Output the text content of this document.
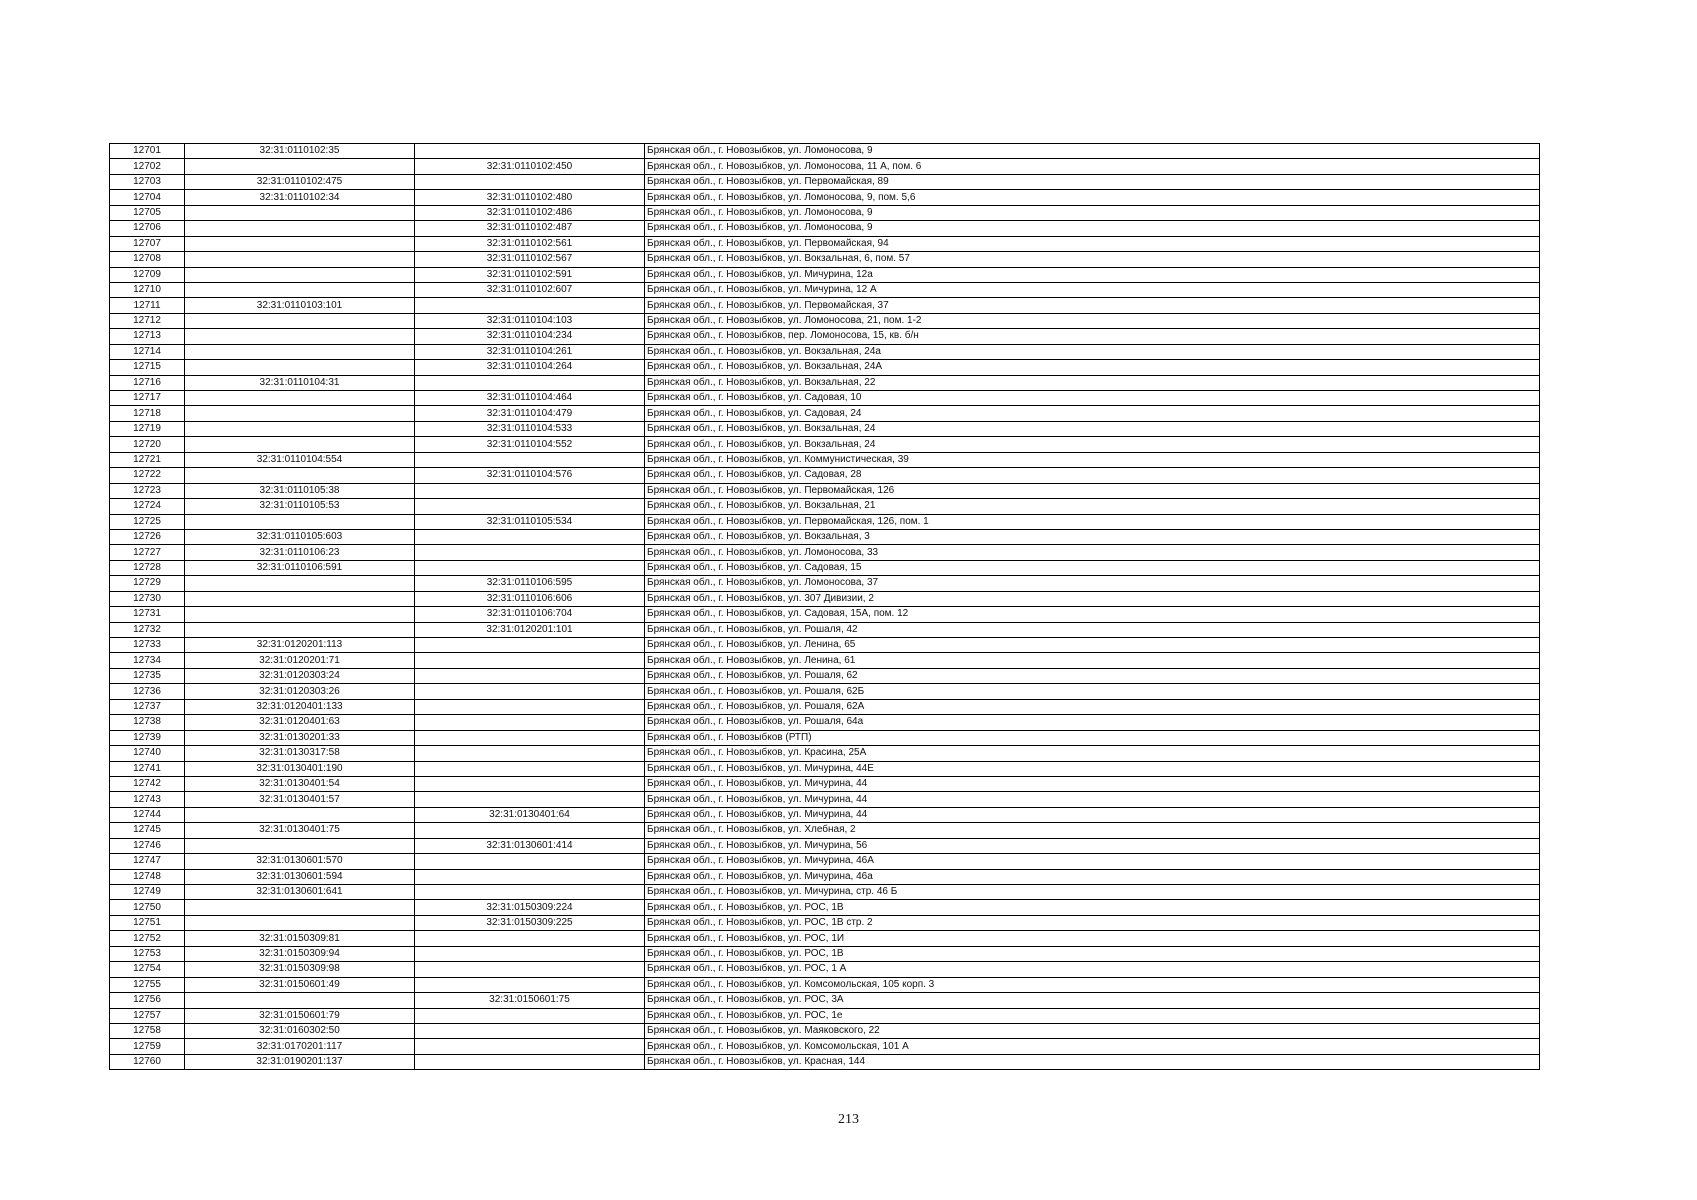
12701	32:31:0110102:35		Брянская обл., г. Новозыбков, ул. Ломоносова, 9
12702		32:31:0110102:450	Брянская обл., г. Новозыбков, ул. Ломоносова, 11 А, пом. 6
12703	32:31:0110102:475		Брянская обл., г. Новозыбков, ул. Первомайская, 89
12704	32:31:0110102:34	32:31:0110102:480	Брянская обл., г. Новозыбков, ул. Ломоносова, 9, пом. 5,6
12705		32:31:0110102:486	Брянская обл., г. Новозыбков, ул. Ломоносова, 9
12706		32:31:0110102:487	Брянская обл., г. Новозыбков, ул. Ломоносова, 9
12707		32:31:0110102:561	Брянская обл., г. Новозыбков, ул. Первомайская, 94
12708		32:31:0110102:567	Брянская обл., г. Новозыбков, ул. Вокзальная, 6, пом. 57
12709		32:31:0110102:591	Брянская обл., г. Новозыбков, ул. Мичурина, 12а
12710		32:31:0110102:607	Брянская обл., г. Новозыбков, ул. Мичурина, 12 А
12711	32:31:0110103:101		Брянская обл., г. Новозыбков, ул. Первомайская, 37
12712		32:31:0110104:103	Брянская обл., г. Новозыбков, ул. Ломоносова, 21, пом. 1-2
12713		32:31:0110104:234	Брянская обл., г. Новозыбков, пер. Ломоносова, 15, кв. б/н
12714		32:31:0110104:261	Брянская обл., г. Новозыбков, ул. Вокзальная, 24а
12715		32:31:0110104:264	Брянская обл., г. Новозыбков, ул. Вокзальная, 24А
12716	32:31:0110104:31		Брянская обл., г. Новозыбков, ул. Вокзальная, 22
12717		32:31:0110104:464	Брянская обл., г. Новозыбков, ул. Садовая, 10
12718		32:31:0110104:479	Брянская обл., г. Новозыбков, ул. Садовая, 24
12719		32:31:0110104:533	Брянская обл., г. Новозыбков, ул. Вокзальная, 24
12720		32:31:0110104:552	Брянская обл., г. Новозыбков, ул. Вокзальная, 24
12721	32:31:0110104:554		Брянская обл., г. Новозыбков, ул. Коммунистическая, 39
12722		32:31:0110104:576	Брянская обл., г. Новозыбков, ул. Садовая, 28
12723	32:31:0110105:38		Брянская обл., г. Новозыбков, ул. Первомайская, 126
12724	32:31:0110105:53		Брянская обл., г. Новозыбков, ул. Вокзальная, 21
12725		32:31:0110105:534	Брянская обл., г. Новозыбков, ул. Первомайская, 126, пом. 1
12726	32:31:0110105:603		Брянская обл., г. Новозыбков, ул. Вокзальная, 3
12727	32:31:0110106:23		Брянская обл., г. Новозыбков, ул. Ломоносова, 33
12728	32:31:0110106:591		Брянская обл., г. Новозыбков, ул. Садовая, 15
12729		32:31:0110106:595	Брянская обл., г. Новозыбков, ул. Ломоносова, 37
12730		32:31:0110106:606	Брянская обл., г. Новозыбков, ул. 307 Дивизии, 2
12731		32:31:0110106:704	Брянская обл., г. Новозыбков, ул. Садовая, 15А, пом. 12
12732		32:31:0120201:101	Брянская обл., г. Новозыбков, ул. Рошаля, 42
12733	32:31:0120201:113		Брянская обл., г. Новозыбков, ул. Ленина, 65
12734	32:31:0120201:71		Брянская обл., г. Новозыбков, ул. Ленина, 61
12735	32:31:0120303:24		Брянская обл., г. Новозыбков, ул. Рошаля, 62
12736	32:31:0120303:26		Брянская обл., г. Новозыбков, ул. Рошаля, 62Б
12737	32:31:0120401:133		Брянская обл., г. Новозыбков, ул. Рошаля, 62А
12738	32:31:0120401:63		Брянская обл., г. Новозыбков, ул. Рошаля, 64а
12739	32:31:0130201:33		Брянская обл., г. Новозыбков (РТП)
12740	32:31:0130317:58		Брянская обл., г. Новозыбков, ул. Красина, 25А
12741	32:31:0130401:190		Брянская обл., г. Новозыбков, ул. Мичурина, 44Е
12742	32:31:0130401:54		Брянская обл., г. Новозыбков, ул. Мичурина, 44
12743	32:31:0130401:57		Брянская обл., г. Новозыбков, ул. Мичурина, 44
12744		32:31:0130401:64	Брянская обл., г. Новозыбков, ул. Мичурина, 44
12745	32:31:0130401:75		Брянская обл., г. Новозыбков, ул. Хлебная, 2
12746		32:31:0130601:414	Брянская обл., г. Новозыбков, ул. Мичурина, 56
12747	32:31:0130601:570		Брянская обл., г. Новозыбков, ул. Мичурина, 46А
12748	32:31:0130601:594		Брянская обл., г. Новозыбков, ул. Мичурина, 46а
12749	32:31:0130601:641		Брянская обл., г. Новозыбков, ул. Мичурина, стр. 46 Б
12750		32:31:0150309:224	Брянская обл., г. Новозыбков, ул. РОС, 1В
12751		32:31:0150309:225	Брянская обл., г. Новозыбков, ул. РОС, 1В стр. 2
12752	32:31:0150309:81		Брянская обл., г. Новозыбков, ул. РОС, 1И
12753	32:31:0150309:94		Брянская обл., г. Новозыбков, ул. РОС, 1В
12754	32:31:0150309:98		Брянская обл., г. Новозыбков, ул. РОС, 1 А
12755	32:31:0150601:49		Брянская обл., г. Новозыбков, ул. Комсомольская, 105 корп. 3
12756		32:31:0150601:75	Брянская обл., г. Новозыбков, ул. РОС, 3А
12757	32:31:0150601:79		Брянская обл., г. Новозыбков, ул. РОС, 1е
12758	32:31:0160302:50		Брянская обл., г. Новозыбков, ул. Маяковского, 22
12759	32:31:0170201:117		Брянская обл., г. Новозыбков, ул. Комсомольская, 101 А
12760	32:31:0190201:137		Брянская обл., г. Новозыбков, ул. Красная, 144
213
